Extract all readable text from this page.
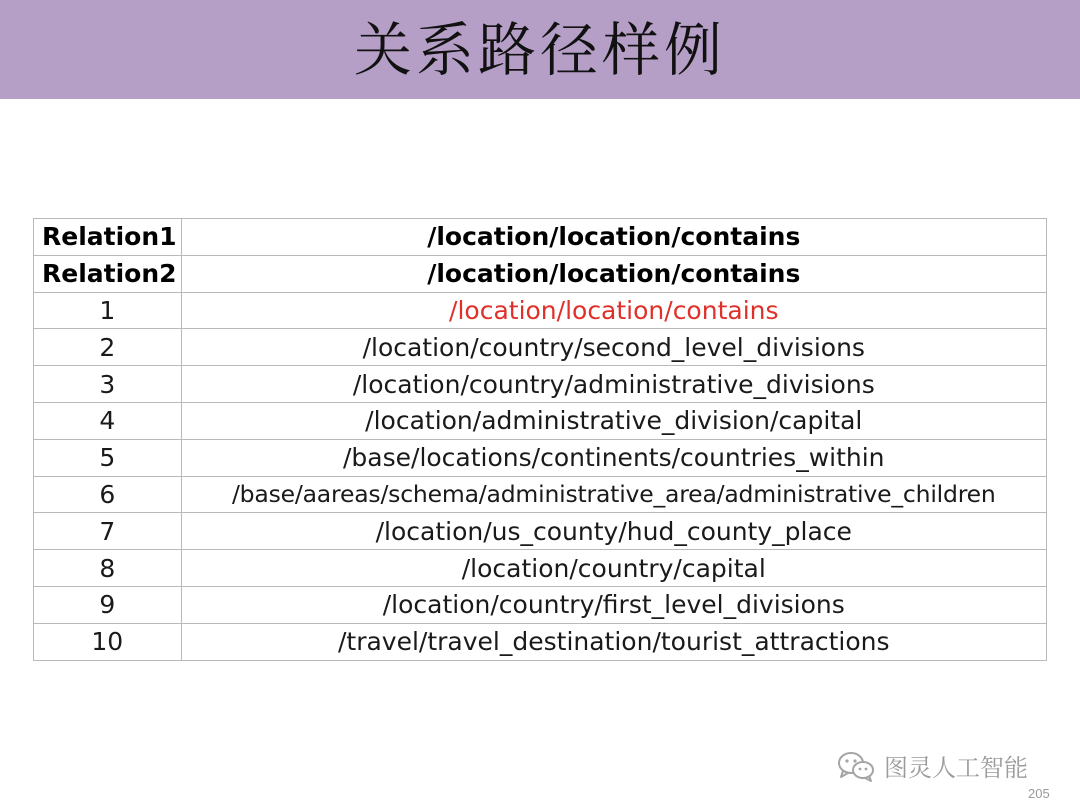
关系路径样例
Relation1	/location/location/contains
Relation2	/location/location/contains
1	/location/location/contains
2	/location/country/second_level_divisions
3	/location/country/administrative_divisions
4	/location/administrative_division/capital
5	/base/locations/continents/countries_within
6	/base/aareas/schema/administrative_area/administrative_children
7	/location/us_county/hud_county_place
8	/location/country/capital
9	/location/country/first_level_divisions
10	/travel/travel_destination/tourist_attractions
图灵人工智能
205
